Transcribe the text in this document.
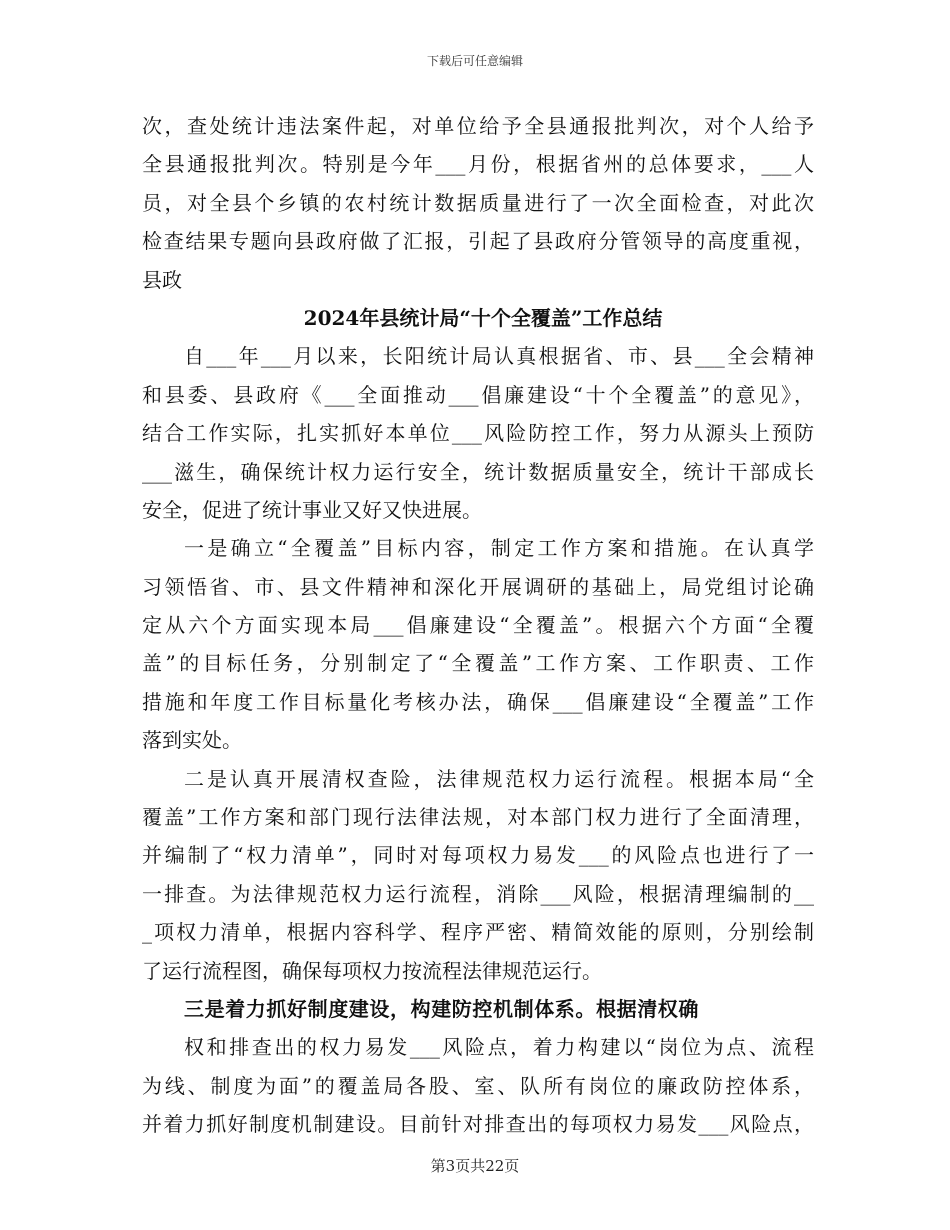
下载后可任意编辑
次，查处统计违法案件起，对单位给予全县通报批判次，对个人给予
全县通报批判次。特别是今年___月份，根据省州的总体要求，___人
员，对全县个乡镇的农村统计数据质量进行了一次全面检查，对此次
检查结果专题向县政府做了汇报，引起了县政府分管领导的高度重视，
县政
2024年县统计局“十个全覆盖”工作总结
自___年___月以来，长阳统计局认真根据省、市、县___全会精神
和县委、县政府《___全面推动___倡廉建设“十个全覆盖”的意见》，
结合工作实际，扎实抓好本单位___风险防控工作，努力从源头上预防
___滋生，确保统计权力运行安全，统计数据质量安全，统计干部成长
安全，促进了统计事业又好又快进展。
一是确立“全覆盖”目标内容，制定工作方案和措施。在认真学
习领悟省、市、县文件精神和深化开展调研的基础上，局党组讨论确
定从六个方面实现本局___倡廉建设“全覆盖”。根据六个方面“全覆
盖”的目标任务，分别制定了“全覆盖”工作方案、工作职责、工作
措施和年度工作目标量化考核办法，确保___倡廉建设“全覆盖”工作
落到实处。
二是认真开展清权查险，法律规范权力运行流程。根据本局“全
覆盖”工作方案和部门现行法律法规，对本部门权力进行了全面清理，
并编制了“权力清单”，同时对每项权力易发___的风险点也进行了一
一排查。为法律规范权力运行流程，消除___风险，根据清理编制的__
_项权力清单，根据内容科学、程序严密、精简效能的原则，分别绘制
了运行流程图，确保每项权力按流程法律规范运行。
三是着力抓好制度建设，构建防控机制体系。根据清权确
权和排查出的权力易发___风险点，着力构建以“岗位为点、流程
为线、制度为面”的覆盖局各股、室、队所有岗位的廉政防控体系，
并着力抓好制度机制建设。目前针对排查出的每项权力易发___风险点，
第3页共22页
